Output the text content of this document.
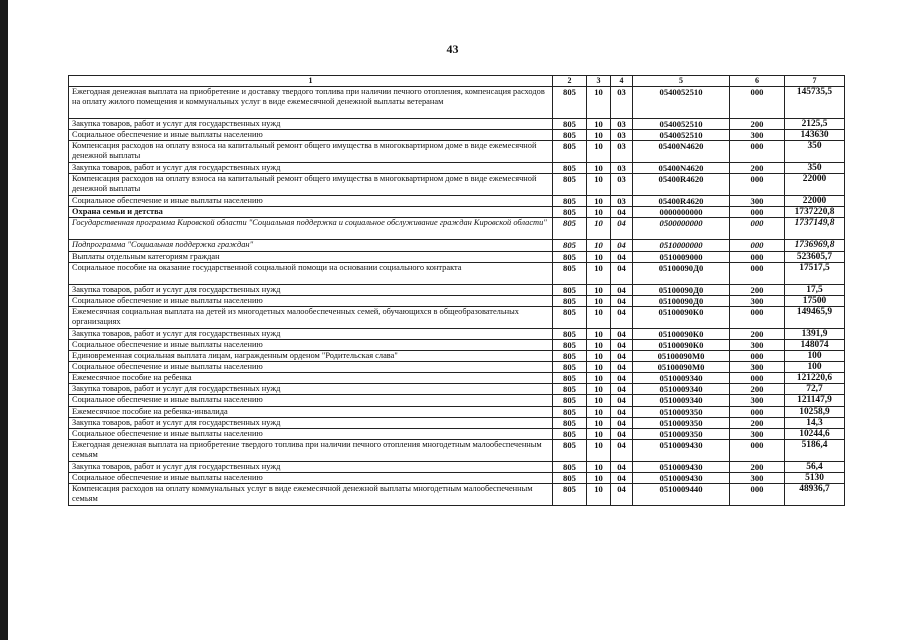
43
1	2	3	4	5	6	7
Ежегодная денежная выплата на приобретение и доставку твердого топлива при наличии печного отопления, компенсация расходов на оплату жилого помещения и коммунальных услуг в виде ежемесячной денежной выплаты ветеранам	805	10	03	0540052510	000	145735,5
Закупка товаров, работ и услуг для государственных нужд	805	10	03	0540052510	200	2125,5
Социальное обеспечение и иные выплаты населению	805	10	03	0540052510	300	143630
Компенсация расходов на оплату взноса на капитальный ремонт общего имущества в многоквартирном доме в виде ежемесячной денежной выплаты	805	10	03	05400N4620	000	350
Закупка товаров, работ и услуг для государственных нужд	805	10	03	05400N4620	200	350
Компенсация расходов на оплату взноса на капитальный ремонт общего имущества в многоквартирном доме в виде ежемесячной денежной выплаты	805	10	03	05400R4620	000	22000
Социальное обеспечение и иные выплаты населению	805	10	03	05400R4620	300	22000
Охрана семьи и детства	805	10	04	0000000000	000	1737220,8
Государственная программа Кировской области "Социальная поддержка и социальное обслуживание граждан Кировской области"	805	10	04	0500000000	000	1737149,8
Подпрограмма "Социальная поддержка граждан"	805	10	04	0510000000	000	1736969,8
Выплаты отдельным категориям граждан	805	10	04	0510009000	000	523605,7
Социальное пособие на оказание государственной социальной помощи на основании социального контракта	805	10	04	05100090Д0	000	17517,5
Закупка товаров, работ и услуг для государственных нужд	805	10	04	05100090Д0	200	17,5
Социальное обеспечение и иные выплаты населению	805	10	04	05100090Д0	300	17500
Ежемесячная социальная выплата на детей из многодетных малообеспеченных семей, обучающихся в общеобразовательных организациях	805	10	04	05100090К0	000	149465,9
Закупка товаров, работ и услуг для государственных нужд	805	10	04	05100090К0	200	1391,9
Социальное обеспечение и иные выплаты населению	805	10	04	05100090К0	300	148074
Единовременная социальная выплата лицам, награжденным орденом "Родительская слава"	805	10	04	05100090М0	000	100
Социальное обеспечение и иные выплаты населению	805	10	04	05100090М0	300	100
Ежемесячное пособие на ребенка	805	10	04	0510009340	000	121220,6
Закупка товаров, работ и услуг для государственных нужд	805	10	04	0510009340	200	72,7
Социальное обеспечение и иные выплаты населению	805	10	04	0510009340	300	121147,9
Ежемесячное пособие на ребенка-инвалида	805	10	04	0510009350	000	10258,9
Закупка товаров, работ и услуг для государственных нужд	805	10	04	0510009350	200	14,3
Социальное обеспечение и иные выплаты населению	805	10	04	0510009350	300	10244,6
Ежегодная денежная выплата на приобретение твердого топлива при наличии печного отопления многодетным малообеспеченным семьям	805	10	04	0510009430	000	5186,4
Закупка товаров, работ и услуг для государственных нужд	805	10	04	0510009430	200	56,4
Социальное обеспечение и иные выплаты населению	805	10	04	0510009430	300	5130
Компенсация расходов на оплату коммунальных услуг в виде ежемесячной денежной выплаты многодетным малообеспеченным семьям	805	10	04	0510009440	000	48936,7
